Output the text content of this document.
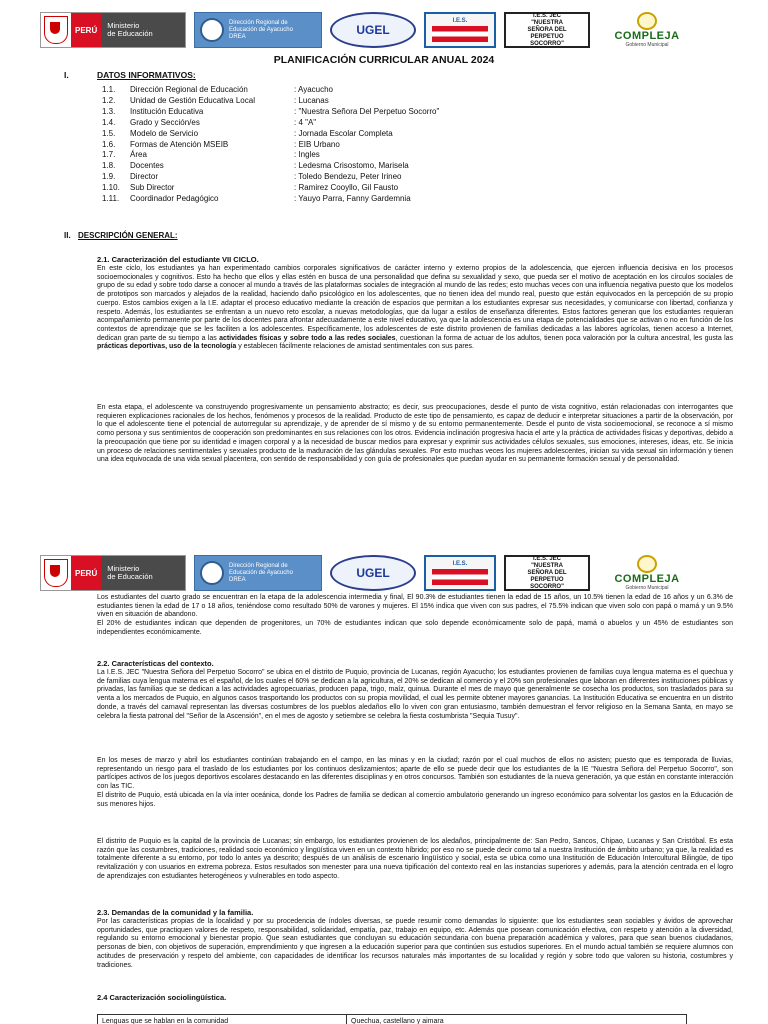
PERÚ	Ministerio
de Educación
Dirección Regional de
Educación de Ayacucho
DREA	UGEL
I.E.S.
I.E.S. JEC
"NUESTRA
SEÑORA DEL
PERPETUO
SOCORRO"
COMPLEJA
Gobierno Municipal
PLANIFICACIÓN CURRICULAR ANUAL 2024
I.	DATOS INFORMATIVOS:
1.1. Dirección Regional de Educación	: Ayacucho
1.2. Unidad de Gestión Educativa Local	: Lucanas
1.3. Institución Educativa	: "Nuestra Señora Del Perpetuo Socorro"
1.4. Grado y Sección/es	: 4 "A"
1.5. Modelo de Servicio	: Jornada Escolar Completa
1.6. Formas de Atención MSEIB	: EIB Urbano
1.7. Área	: Ingles
1.8. Docentes	: Ledesma Crisostomo, Marisela
1.9. Director	: Toledo Bendezu, Peter Irineo
1.10. Sub Director	: Ramirez Cooyllo, Gil Fausto
1.11. Coordinador Pedagógico	: Yauyo Parra, Fanny Gardemnia
II. DESCRIPCIÓN GENERAL:
2.1. Caracterización del estudiante VII CICLO.

En este ciclo, los estudiantes ya han experimentado cambios corporales significativos de carácter interno y externo propios de la adolescencia, que ejercen influencia decisiva en los procesos socioemocionales y cognitivos. Esto ha hecho que ellos y ellas estén en busca de una personalidad que defina su sexualidad y sexo, que pueda ser el motivo de aceptación en los círculos sociales de grupo de su edad y sobre todo darse a conocer al mundo a través de las plataformas sociales de integración al mundo de las redes; esto muchas veces con una influencia negativa puesto que los modelos de prototipos son marcados y alejados de la realidad, haciendo daño psicológico en los adolescentes, que no tienen idea del mundo real, puesto que están equivocados en la percepción de su propio cuerpo. Estos cambios exigen a la I.E. adaptar el proceso educativo mediante la creación de espacios que permitan a los estudiantes expresar sus necesidades, y comunicarse con libertad, confianza y respeto. Además, los estudiantes se enfrentan a un nuevo reto escolar, a nuevas metodologías, que da lugar a estilos de enseñanza diferentes. Estos factores generan que los estudiantes requieran acompañamiento permanente por parte de los docentes para afrontar adecuadamente a este nivel educativo, ya que la adolescencia es una etapa de potencialidades que se activan o no en función de los contextos de aprendizaje que se les faciliten a los adolescentes. Específicamente, los adolescentes de este distrito provienen de familias dedicadas a las labores agrícolas, tienen acceso a Internet, dedican gran parte de su tiempo a las actividades físicas y sobre todo a las redes sociales, cuestionan la forma de actuar de los adultos, tienen poca valoración por la cultura ancestral, les gusta las prácticas deportivas, uso de la tecnología y establecen fácilmente relaciones de amistad sentimentales con sus pares.

En esta etapa, el adolescente va construyendo progresivamente un pensamiento abstracto; es decir, sus preocupaciones, desde el punto de vista cognitivo, están relacionadas con interrogantes que requieren explicaciones racionales de los hechos, fenómenos y procesos de la realidad. Producto de este tipo de pensamiento, es capaz de deducir e interpretar situaciones a partir de la observación, por lo que el adolescente tiene el potencial de autorregular su aprendizaje, y de aprender de sí mismo y de su entorno permanentemente. Desde el punto de vista socioemocional, se reconoce a sí mismo como persona y sus sentimientos de cooperación son predominantes en sus relaciones con los otros. Evidencia inclinación progresiva hacia el arte y la práctica de actividades físicas y deportivas, debido a la preocupación que tiene por su identidad e imagen corporal y a la necesidad de buscar medios para expresar y exprimir sus actividades célulos sexuales, sus emociones, intereses, ideas, etc. Se inicia un proceso de relaciones sentimentales y sexuales producto de la maduración de las glándulas sexuales. Por esto muchas veces los mujeres adolescentes, inician su vida sexual sin información y tienen una idea equivocada de una vida sexual placentera, con sentido de responsabilidad y con guía de profesionales que puedan ayudar en su permanente formación sexual y de personalidad.

PERÚ	Ministerio
de Educación
Dirección Regional de
Educación de Ayacucho
DREA	UGEL
I.E.S.
I.E.S. JEC
"NUESTRA
SEÑORA DEL
PERPETUO
SOCORRO"
COMPLEJA
Gobierno Municipal

Los estudiantes del cuarto grado se encuentran en la etapa de la adolescencia intermedia y final, El 90.3% de estudiantes tienen la edad de 15 años, un 10.5% tienen la edad de 16 años y un 6.3% de estudiantes tienen la edad de 17 o 18 años, teniéndose como resultado 50% de varones y mujeres. El 15% indica que viven con sus padres, el 75.5% indican que viven solo con papá o mamá y un 9.5% viven en situación de abandono.
El 20% de estudiantes indican que dependen de progenitores, un 70% de estudiantes indican que solo depende económicamente solo de papá, mamá o abuelos y un 45% de estudiantes son independientes económicamente.

2.2. Características del contexto.

La I.E.S. JEC "Nuestra Señora del Perpetuo Socorro" se ubica en el distrito de Puquio, provincia de Lucanas, región Ayacucho; los estudiantes provienen de familias cuya lengua materna es el quechua y de familias cuya lengua materna es el español, de los cuales el 60% se dedican a la agricultura, el 20% se dedican al comercio y el 20% son profesionales que laboran en diferentes instituciones públicas y privadas, las familias que se dedican a las actividades agropecuarias, producen papa, trigo, maíz, quinua. Durante el mes de mayo que generalmente se cosecha los productos, son trasladados para su venta a los mercados de Puquio, en algunos casos trasportando los productos con su propia movilidad, el cual les permite obtener mayores ganancias. La Institución Educativa se encuentra en un distrito donde, a través del carnaval representan las diversas costumbres de los pueblos aledaños ello lo viven con gran entusiasmo, también demuestran el fervor religioso en la Semana Santa, en mayo se celebra la fiesta patronal del "Señor de la Ascensión", en el mes de agosto y setiembre se celebra la fiesta costumbrista "Sequia Tusuy".

En los meses de marzo y abril los estudiantes continúan trabajando en el campo, en las minas y en la ciudad; razón por el cual muchos de ellos no asisten; puesto que es temporada de lluvias, representando un riesgo para el traslado de los estudiantes por los continuos deslizamientos; aparte de ello se puede decir que los estudiantes de la IE "Nuestra Señora del Perpetuo Socorro", son partícipes activos de los juegos deportivos escolares destacando en las diferentes disciplinas y en otros concursos. También son estudiantes de la nueva generación, ya que están en constante interacción con las TIC.
El distrito de Puquio, está ubicada en la vía inter oceánica, donde los Padres de familia se dedican al comercio ambulatorio generando un ingreso económico para solventar los gastos en la Educación de sus menores hijos.

El distrito de Puquio es la capital de la provincia de Lucanas; sin embargo, los estudiantes provienen de los aledaños, principalmente de: San Pedro, Sancos, Chipao, Lucanas y San Cristóbal. Es esta razón que las costumbres, tradiciones, realidad socio económico y lingüística viven en un contexto híbrido; por eso no se puede decir como tal a nuestra Institución de ámbito urbano; ya que, la realidad es totalmente diferente a su entorno, por todo lo antes ya descrito; después de un análisis de escenario lingüístico y social, esta se ubica como una Institución de Educación Intercultural Bilingüe, de tipo revitalización y con usuarios en extrema pobreza. Estos resultados son menester para una nueva tipificación del contexto real en las instancias superiores y además, para la atención centrada en el logro de aprendizajes con estudiantes heterogéneos y vulnerables en todo aspecto.

2.3. Demandas de la comunidad y la familia.

Por las características propias de la localidad y por su procedencia de índoles diversas, se puede resumir como demandas lo siguiente: que los estudiantes sean sociables y ávidos de aprovechar oportunidades, que practiquen valores de respeto, responsabilidad, solidaridad, empatía, paz, trabajo en equipo, etc. Además que posean comunicación efectiva, con respeto y atención a la diversidad, regulando su entorno emocional y bienestar propio. Que sean estudiantes que concluyan su educación secundaria con buena preparación académica y valores, para que sean buenos ciudadanos, personas de bien, con objetivos de superación, emprendimiento y que ingresen a la educación superior para que continúen sus estudios superiores. En el mundo actual también se requiere alumnos con actitudes de preservación y respeto del ambiente, con capacidades de identificar los recursos naturales más importantes de su localidad y región y sobre todo que valoren su historia, costumbres y tradiciones.

2.4 Caracterización sociolingüística.
Lenguas que se hablan en la comunidad	Quechua, castellano y aimara
